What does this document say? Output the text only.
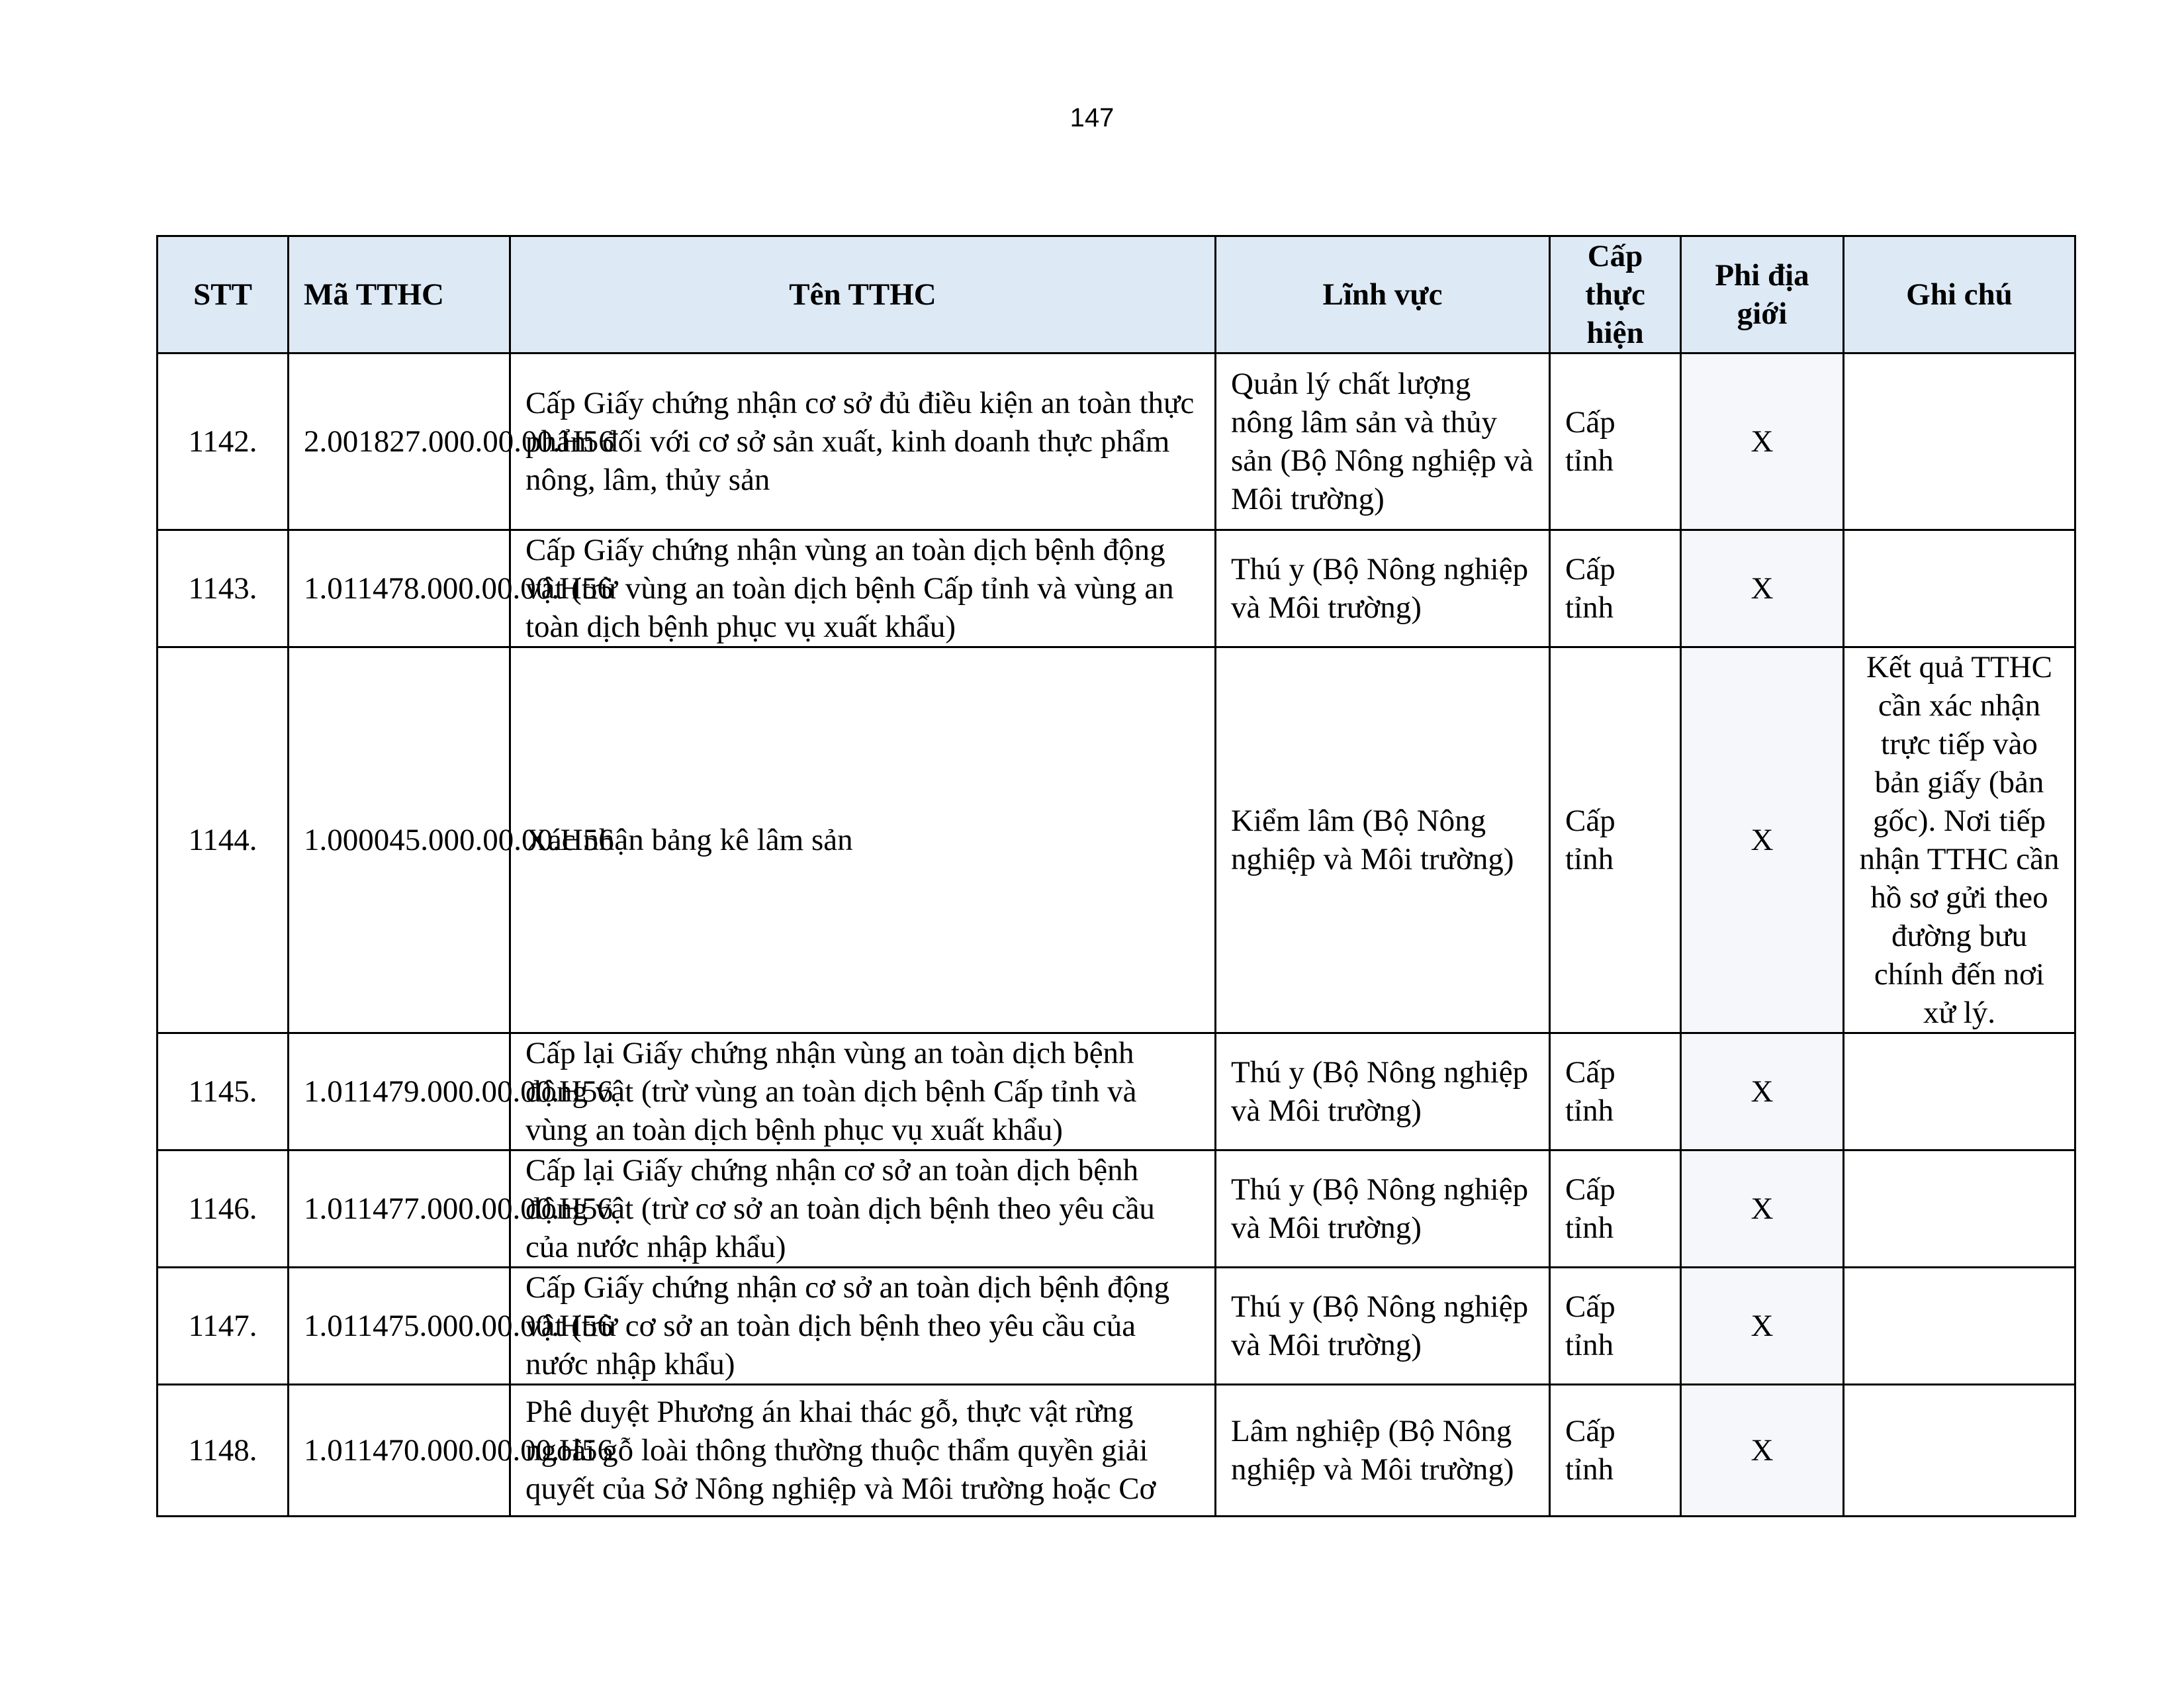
147
STT	Mã TTHC	Tên TTHC	Lĩnh vực	Cấp thực hiện	Phi địa giới	Ghi chú
1142.	2.001827.000.00.00.H56	Cấp Giấy chứng nhận cơ sở đủ điều kiện an toàn thực phẩm đối với cơ sở sản xuất, kinh doanh thực phẩm nông, lâm, thủy sản	Quản lý chất lượng nông lâm sản và thủy sản (Bộ Nông nghiệp và Môi trường)	Cấp tỉnh	X	
1143.	1.011478.000.00.00.H56	Cấp Giấy chứng nhận vùng an toàn dịch bệnh động vật (trừ vùng an toàn dịch bệnh Cấp tỉnh và vùng an toàn dịch bệnh phục vụ xuất khẩu)	Thú y (Bộ Nông nghiệp và Môi trường)	Cấp tỉnh	X	
1144.	1.000045.000.00.00.H56	Xác nhận bảng kê lâm sản	Kiểm lâm (Bộ Nông nghiệp và Môi trường)	Cấp tỉnh	X	Kết quả TTHC cần xác nhận trực tiếp vào bản giấy (bản gốc). Nơi tiếp nhận TTHC cần hồ sơ gửi theo đường bưu chính đến nơi xử lý.
1145.	1.011479.000.00.00.H56	Cấp lại Giấy chứng nhận vùng an toàn dịch bệnh động vật (trừ vùng an toàn dịch bệnh Cấp tỉnh và vùng an toàn dịch bệnh phục vụ xuất khẩu)	Thú y (Bộ Nông nghiệp và Môi trường)	Cấp tỉnh	X	
1146.	1.011477.000.00.00.H56	Cấp lại Giấy chứng nhận cơ sở an toàn dịch bệnh động vật (trừ cơ sở an toàn dịch bệnh theo yêu cầu của nước nhập khẩu)	Thú y (Bộ Nông nghiệp và Môi trường)	Cấp tỉnh	X	
1147.	1.011475.000.00.00.H56	Cấp Giấy chứng nhận cơ sở an toàn dịch bệnh động vật (trừ cơ sở an toàn dịch bệnh theo yêu cầu của nước nhập khẩu)	Thú y (Bộ Nông nghiệp và Môi trường)	Cấp tỉnh	X	
1148.	1.011470.000.00.00.H56	Phê duyệt Phương án khai thác gỗ, thực vật rừng ngoài gỗ loài thông thường thuộc thẩm quyền giải quyết của Sở Nông nghiệp và Môi trường hoặc Cơ	Lâm nghiệp (Bộ Nông nghiệp và Môi trường)	Cấp tỉnh	X	
